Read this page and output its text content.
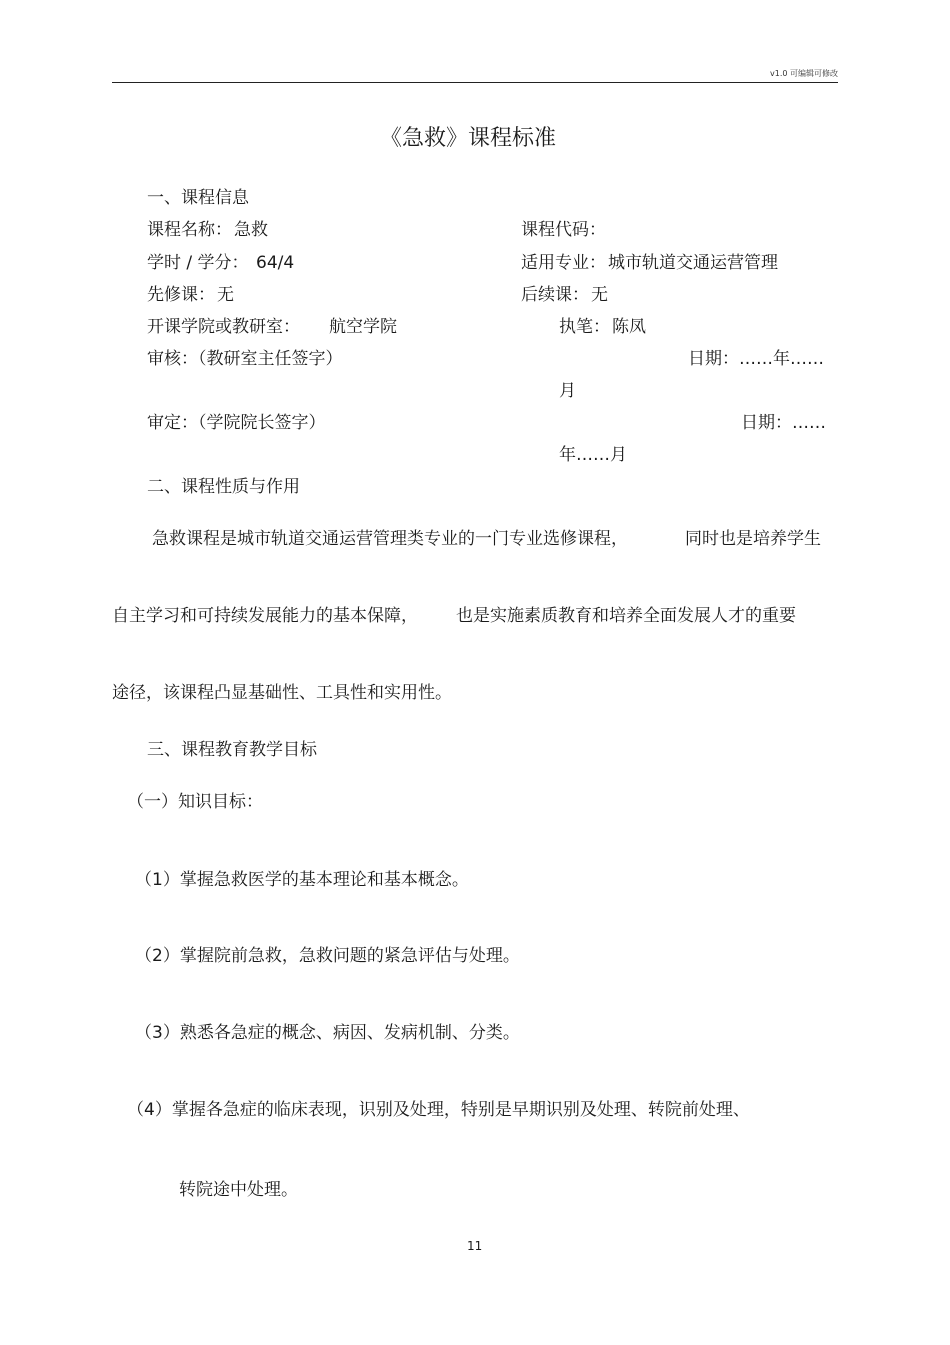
v1.0 可编辑可修改
《急救》课程标准
一、课程信息
课程名称： 急救	课程代码：
学时 / 学分： 64/4	适用专业： 城市轨道交通运营管理
先修课： 无	后续课： 无
开课学院或教研室： 航空学院	执笔： 陈凤
审核：（教研室主任签字）	日期：……年……
月
审定：（学院院长签字）	日期：……
年……月
二、课程性质与作用
急救课程是城市轨道交通运营管理类专业的一门专业选修课程，	同时也是培养学生
自主学习和可持续发展能力的基本保障， 也是实施素质教育和培养全面发展人才的重要
途径，该课程凸显基础性、工具性和实用性。
三、课程教育教学目标
（一）知识目标：
（1）掌握急救医学的基本理论和基本概念。
（2）掌握院前急救，急救问题的紧急评估与处理。
（3）熟悉各急症的概念、病因、发病机制、分类。
（4）掌握各急症的临床表现，识别及处理，特别是早期识别及处理、转院前处理、
转院途中处理。
11
